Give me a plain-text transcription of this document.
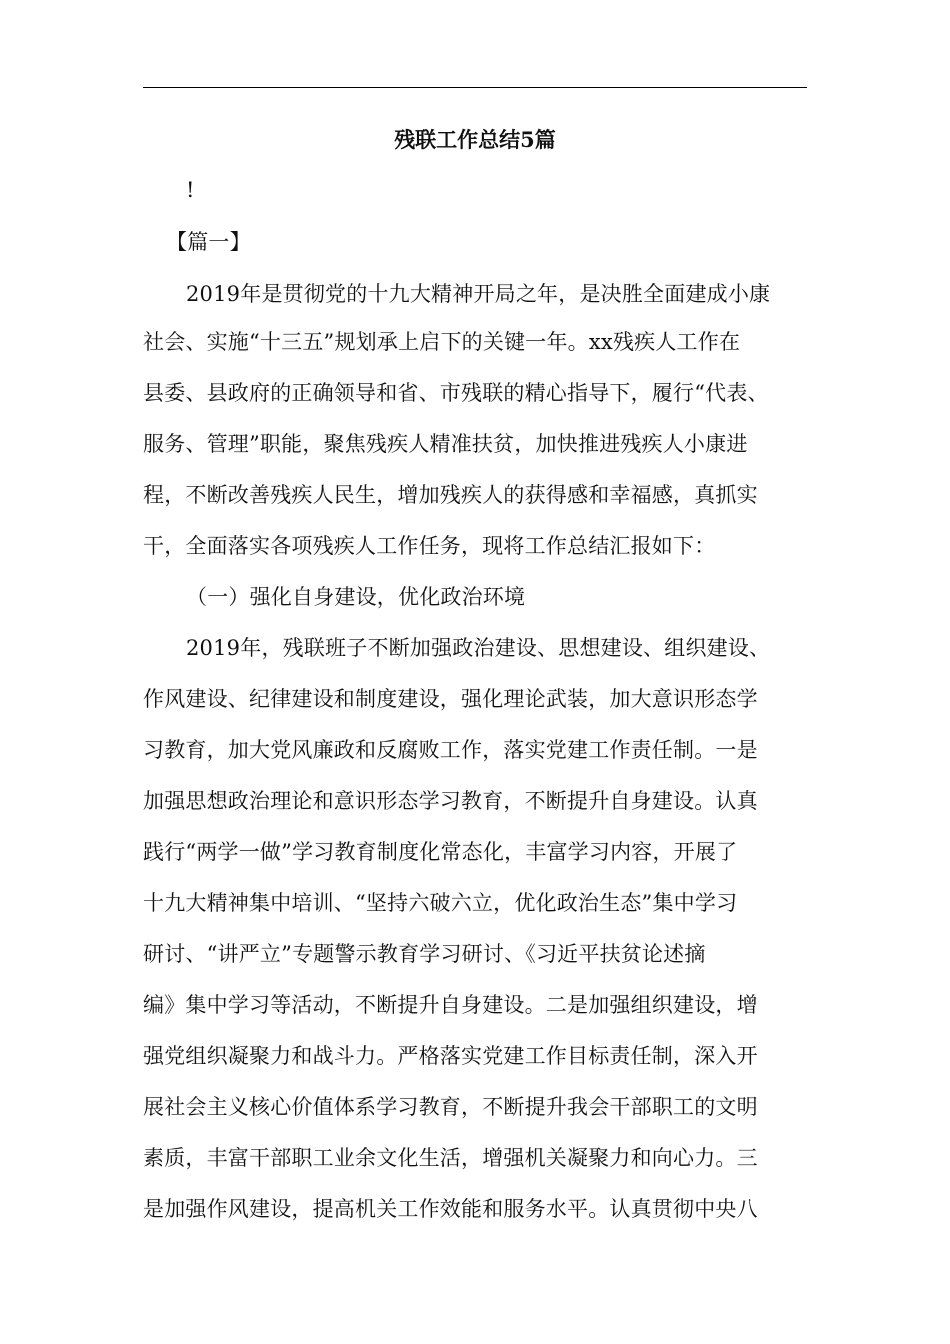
残联工作总结5篇
!
【篇一】
2019年是贯彻党的十九大精神开局之年，是决胜全面建成小康
社会、实施“十三五”规划承上启下的关键一年。xx残疾人工作在
县委、县政府的正确领导和省、市残联的精心指导下，履行“代表、
服务、管理”职能，聚焦残疾人精准扶贫，加快推进残疾人小康进
程，不断改善残疾人民生，增加残疾人的获得感和幸福感，真抓实
干，全面落实各项残疾人工作任务，现将工作总结汇报如下：
（一）强化自身建设，优化政治环境
2019年，残联班子不断加强政治建设、思想建设、组织建设、
作风建设、纪律建设和制度建设，强化理论武装，加大意识形态学
习教育，加大党风廉政和反腐败工作，落实党建工作责任制。一是
加强思想政治理论和意识形态学习教育，不断提升自身建设。认真
践行“两学一做”学习教育制度化常态化，丰富学习内容，开展了
十九大精神集中培训、“坚持六破六立，优化政治生态”集中学习
研讨、“讲严立”专题警示教育学习研讨、《习近平扶贫论述摘
编》集中学习等活动，不断提升自身建设。二是加强组织建设，增
强党组织凝聚力和战斗力。严格落实党建工作目标责任制，深入开
展社会主义核心价值体系学习教育，不断提升我会干部职工的文明
素质，丰富干部职工业余文化生活，增强机关凝聚力和向心力。三
是加强作风建设，提高机关工作效能和服务水平。认真贯彻中央八
